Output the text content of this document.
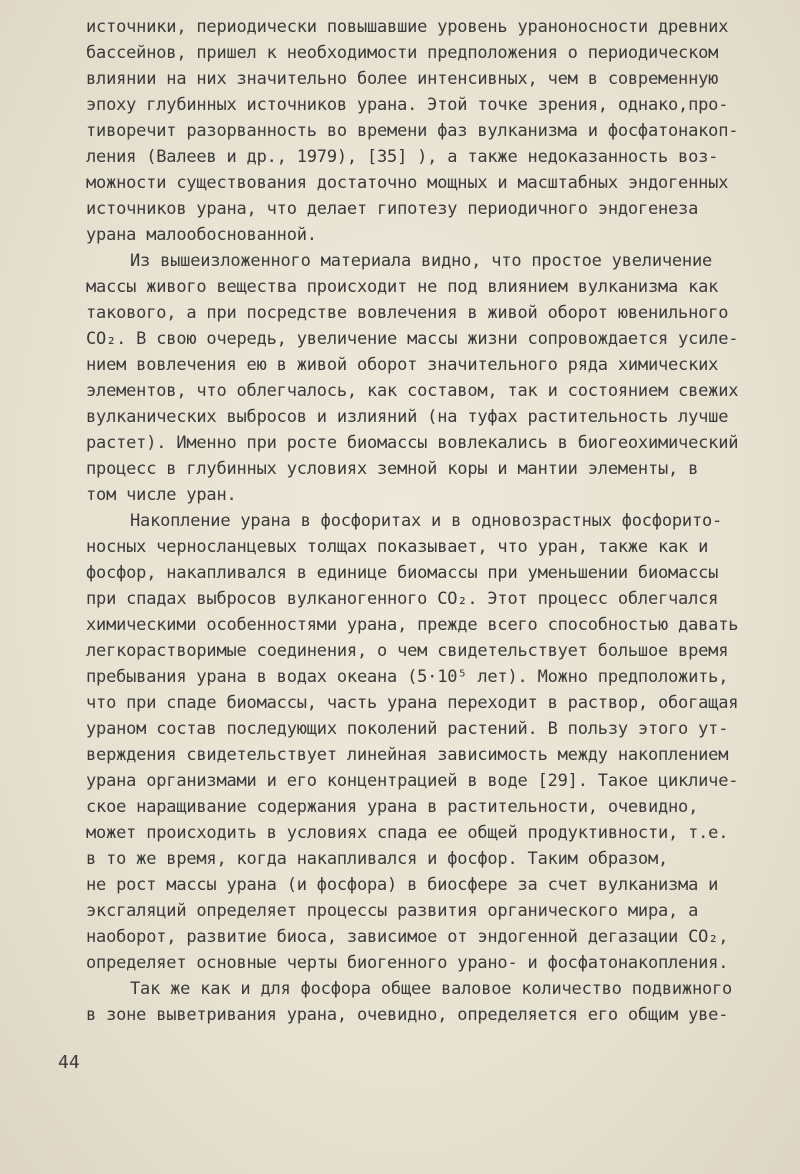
источники, периодически повышавшие уровень ураноносности древних
бассейнов, пришел к необходимости предположения о периодическом
влиянии на них значительно более интенсивных, чем в современную
эпоху глубинных источников урана. Этой точке зрения, однако,про-
тиворечит разорванность во времени фаз вулканизма и фосфатонакоп-
ления (Валеев и др., 1979), [35] ), а также недоказанность воз-
можности существования достаточно мощных и масштабных эндогенных
источников урана, что делает гипотезу периодичного эндогенеза
урана малообоснованной.
Из вышеизложенного материала видно, что простое увеличение
массы живого вещества происходит не под влиянием вулканизма как
такового, а при посредстве вовлечения в живой оборот ювенильного
CO₂. В свою очередь, увеличение массы жизни сопровождается усиле-
нием вовлечения ею в живой оборот значительного ряда химических
элементов, что облегчалось, как составом, так и состоянием свежих
вулканических выбросов и излияний (на туфах растительность лучше
растет). Именно при росте биомассы вовлекались в биогеохимический
процесс в глубинных условиях земной коры и мантии элементы, в
том числе уран.
Накопление урана в фосфоритах и в одновозрастных фосфорито-
носных черносланцевых толщах показывает, что уран, также как и
фосфор, накапливался в единице биомассы при уменьшении биомассы
при спадах выбросов вулканогенного CO₂. Этот процесс облегчался
химическими особенностями урана, прежде всего способностью давать
легкорастворимые соединения, о чем свидетельствует большое время
пребывания урана в водах океана (5·10⁵ лет). Можно предположить,
что при спаде биомассы, часть урана переходит в раствор, обогащая
ураном состав последующих поколений растений. В пользу этого ут-
верждения свидетельствует линейная зависимость между накоплением
урана организмами и его концентрацией в воде [29]. Такое цикличе-
ское наращивание содержания урана в растительности, очевидно,
может происходить в условиях спада ее общей продуктивности, т.е.
в то же время, когда накапливался и фосфор. Таким образом,
не рост массы урана (и фосфора) в биосфере за счет вулканизма и
эксгаляций определяет процессы развития органического мира, а
наоборот, развитие биоса, зависимое от эндогенной дегазации CO₂,
определяет основные черты биогенного урано- и фосфатонакопления.
Так же как и для фосфора общее валовое количество подвижного
в зоне выветривания урана, очевидно, определяется его общим уве-
44
